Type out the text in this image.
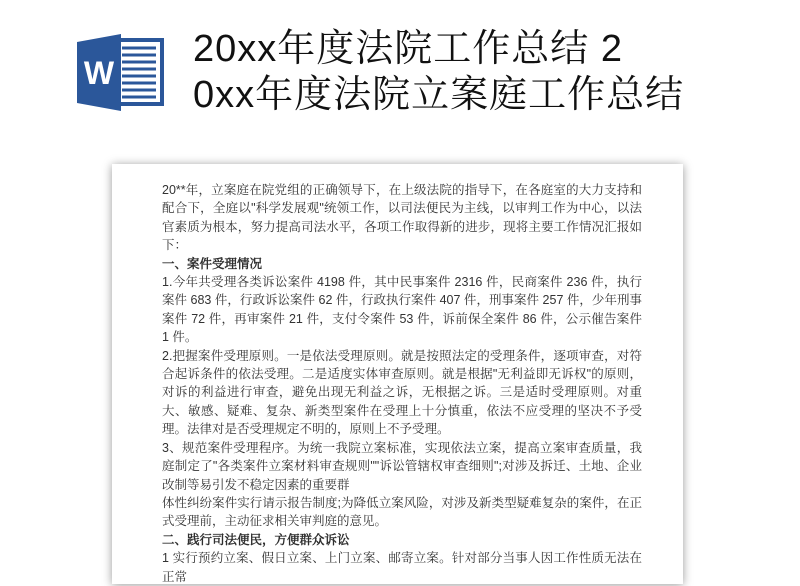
W
20xx年度法院工作总结 2
0xx年度法院立案庭工作总结

20**年，立案庭在院党组的正确领导下，在上级法院的指导下，在各庭室的大力支持和配合下，全庭以"科学发展观"统领工作，以司法便民为主线，以审判工作为中心，以法官素质为根本，努力提高司法水平，各项工作取得新的进步，现将主要工作情况汇报如下：

一、案件受理情况

1.今年共受理各类诉讼案件 4198 件，其中民事案件 2316 件，民商案件 236 件，执行案件 683 件，行政诉讼案件 62 件，行政执行案件 407 件，刑事案件 257 件，少年刑事案件 72 件，再审案件 21 件，支付令案件 53 件，诉前保全案件 86 件，公示催告案件 1 件。

2.把握案件受理原则。一是依法受理原则。就是按照法定的受理条件，逐项审查，对符合起诉条件的依法受理。二是适度实体审查原则。就是根据"无利益即无诉权"的原则，对诉的利益进行审查，避免出现无利益之诉，无根据之诉。三是适时受理原则。对重大、敏感、疑难、复杂、新类型案件在受理上十分慎重，依法不应受理的坚决不予受理。法律对是否受理规定不明的，原则上不予受理。

3、规范案件受理程序。为统一我院立案标准，实现依法立案，提高立案审查质量，我庭制定了"各类案件立案材料审查规则""诉讼管辖权审查细则";对涉及拆迁、土地、企业改制等易引发不稳定因素的重要群

体性纠纷案件实行请示报告制度;为降低立案风险，对涉及新类型疑难复杂的案件，在正式受理前，主动征求相关审判庭的意见。

二、践行司法便民，方便群众诉讼

1 实行预约立案、假日立案、上门立案、邮寄立案。针对部分当事人因工作性质无法在正常
